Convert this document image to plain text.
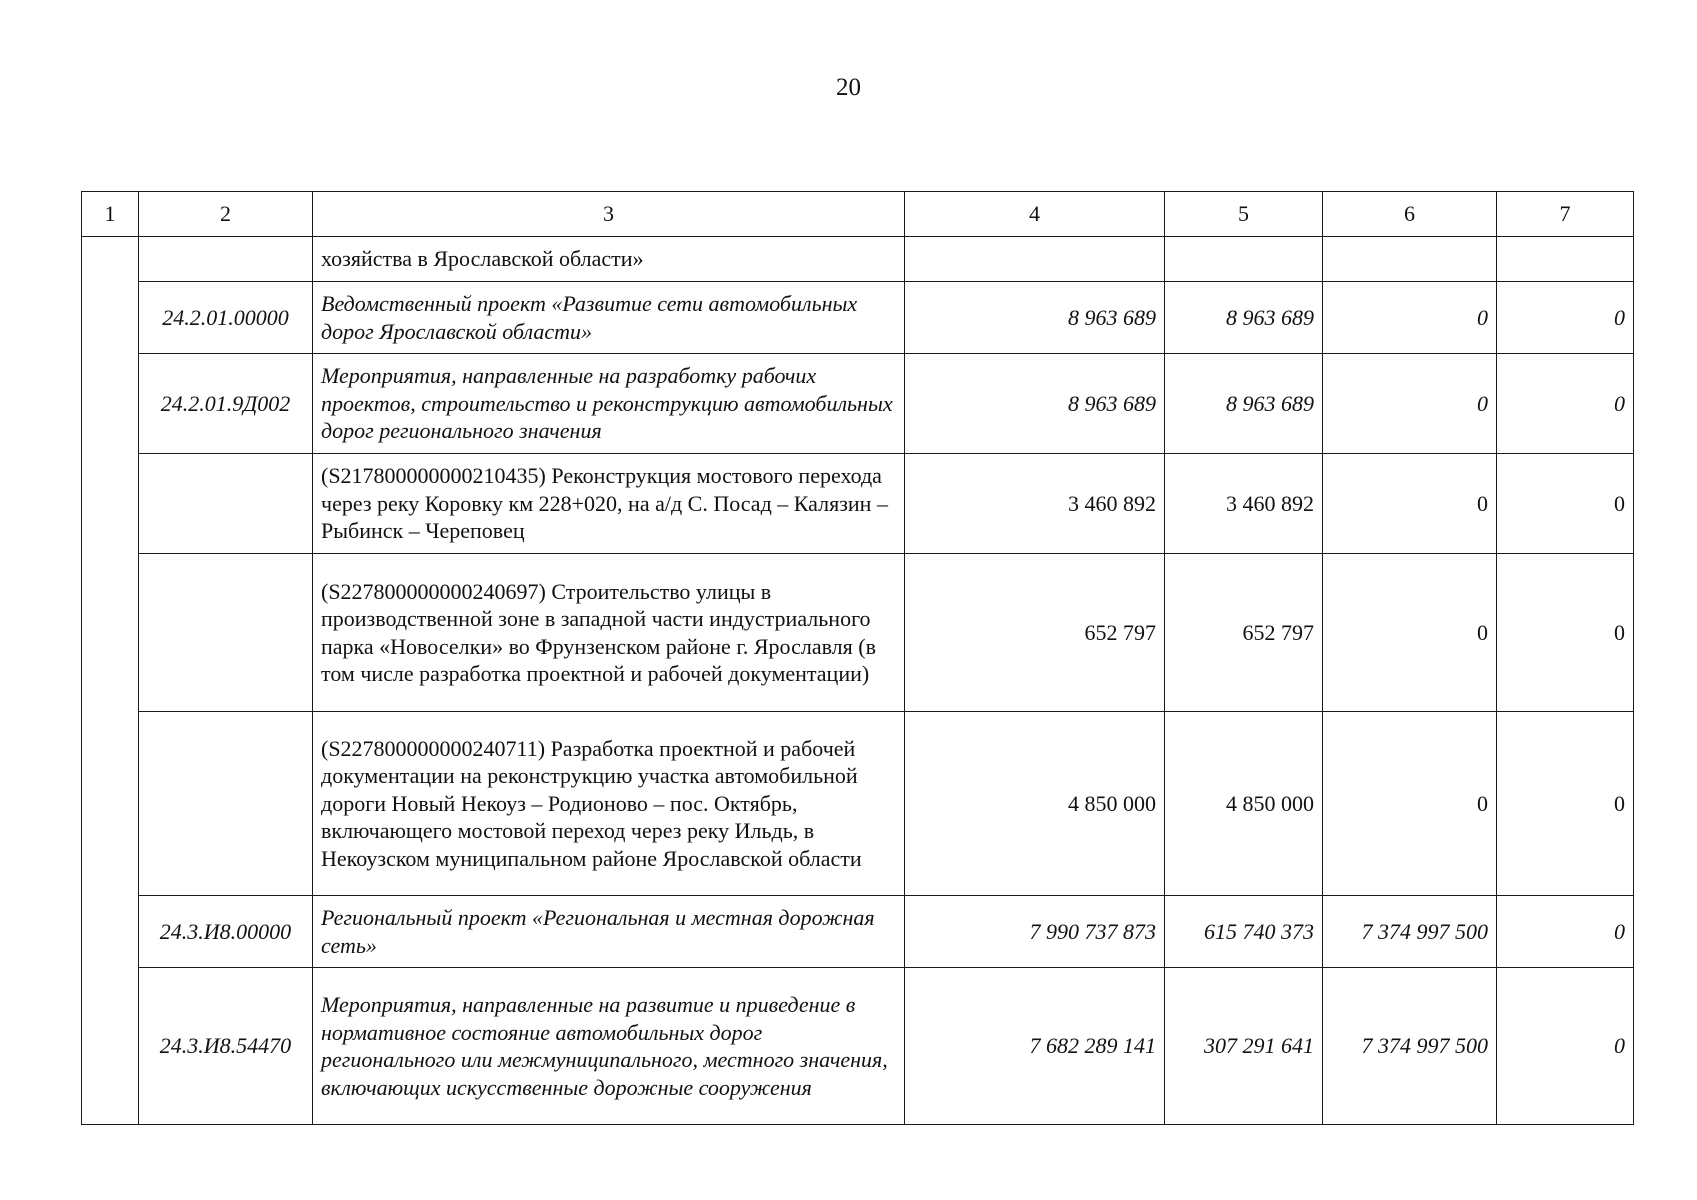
20
1	2	3	4	5	6	7
		хозяйства в Ярославской области»				
	24.2.01.00000	Ведомственный проект «Развитие сети автомобильных дорог Ярославской области»	8 963 689	8 963 689	0	0
	24.2.01.9Д002	Мероприятия, направленные на разработку рабочих проектов, строительство и реконструкцию автомобильных дорог регионального значения	8 963 689	8 963 689	0	0
		(S217800000000210435) Реконструкция мостового перехода через реку Коровку км 228+020, на а/д С. Посад – Калязин – Рыбинск – Череповец	3 460 892	3 460 892	0	0
		(S227800000000240697) Строительство улицы в производственной зоне в западной части индустриального парка «Новоселки» во Фрунзенском районе г. Ярославля (в том числе разработка проектной и рабочей документации)	652 797	652 797	0	0
		(S227800000000240711) Разработка проектной и рабочей документации на реконструкцию участка автомобильной дороги Новый Некоуз – Родионово – пос. Октябрь, включающего мостовой переход через реку Ильдь, в Некоузском муниципальном районе Ярославской области	4 850 000	4 850 000	0	0
	24.3.И8.00000	Региональный проект «Региональная и местная дорожная сеть»	7 990 737 873	615 740 373	7 374 997 500	0
	24.3.И8.54470	Мероприятия, направленные на развитие и приведение в нормативное состояние автомобильных дорог регионального или межмуниципального, местного значения, включающих искусственные дорожные сооружения	7 682 289 141	307 291 641	7 374 997 500	0
